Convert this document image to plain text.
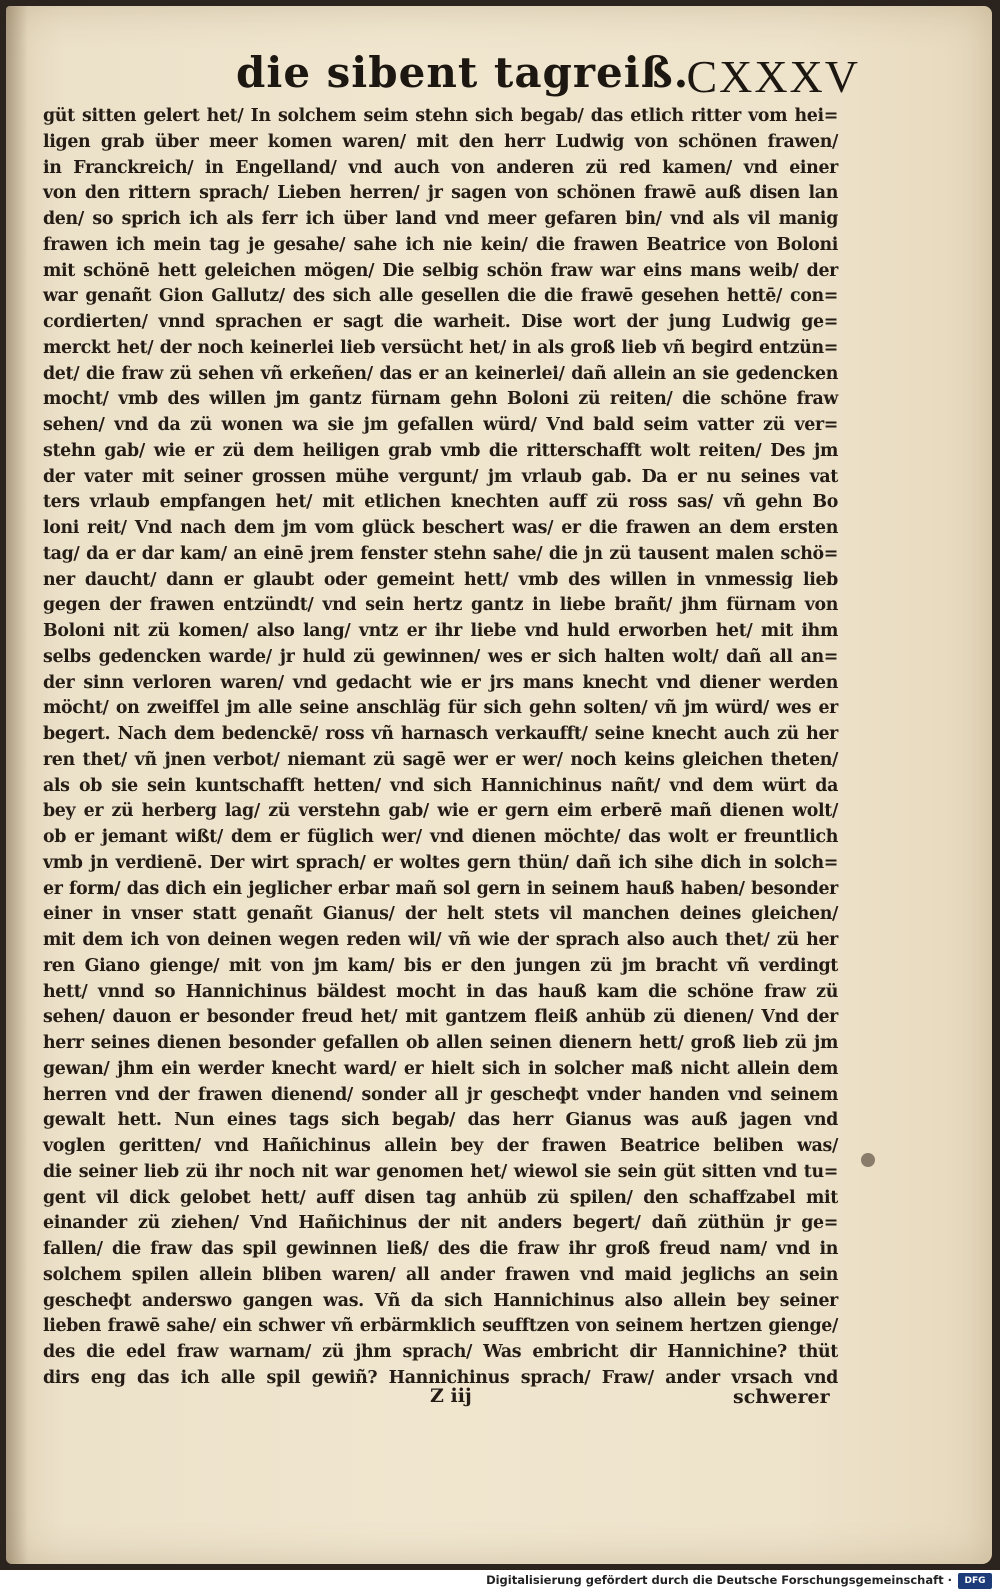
die sibent tagreiß.
CXXXV
güt sitten gelert het/ In solchem seim stehn sich begab/ das etlich ritter vom hei=
ligen grab über meer komen waren/ mit den herr Ludwig von schönen frawen/
in Franckreich/ in Engelland/ vnd auch von anderen zü red kamen/ vnd einer
von den rittern sprach/ Lieben herren/ jr sagen von schönen frawē auß disen lan
den/ so sprich ich als ferr ich über land vnd meer gefaren bin/ vnd als vil manig
frawen ich mein tag je gesahe/ sahe ich nie kein/ die frawen Beatrice von Boloni
mit schönē hett geleichen mögen/ Die selbig schön fraw war eins mans weib/ der
war genañt Gion Gallutz/ des sich alle gesellen die die frawē gesehen hettē/ con=
cordierten/ vnnd sprachen er sagt die warheit. Dise wort der jung Ludwig ge=
merckt het/ der noch keinerlei lieb versücht het/ in als groß lieb vñ begird entzün=
det/ die fraw zü sehen vñ erkeñen/ das er an keinerlei/ dañ allein an sie gedencken
mocht/ vmb des willen jm gantz fürnam gehn Boloni zü reiten/ die schöne fraw
sehen/ vnd da zü wonen wa sie jm gefallen würd/ Vnd bald seim vatter zü ver=
stehn gab/ wie er zü dem heiligen grab vmb die ritterschafft wolt reiten/ Des jm
der vater mit seiner grossen mühe vergunt/ jm vrlaub gab. Da er nu seines vat
ters vrlaub empfangen het/ mit etlichen knechten auff zü ross sas/ vñ gehn Bo
loni reit/ Vnd nach dem jm vom glück beschert was/ er die frawen an dem ersten
tag/ da er dar kam/ an einē jrem fenster stehn sahe/ die jn zü tausent malen schö=
ner daucht/ dann er glaubt oder gemeint hett/ vmb des willen in vnmessig lieb
gegen der frawen entzündt/ vnd sein hertz gantz in liebe brañt/ jhm fürnam von
Boloni nit zü komen/ also lang/ vntz er ihr liebe vnd huld erworben het/ mit ihm
selbs gedencken warde/ jr huld zü gewinnen/ wes er sich halten wolt/ dañ all an=
der sinn verloren waren/ vnd gedacht wie er jrs mans knecht vnd diener werden
möcht/ on zweiffel jm alle seine anschläg für sich gehn solten/ vñ jm würd/ wes er
begert. Nach dem bedenckē/ ross vñ harnasch verkaufft/ seine knecht auch zü her
ren thet/ vñ jnen verbot/ niemant zü sagē wer er wer/ noch keins gleichen theten/
als ob sie sein kuntschafft hetten/ vnd sich Hannichinus nañt/ vnd dem würt da
bey er zü herberg lag/ zü verstehn gab/ wie er gern eim erberē mañ dienen wolt/
ob er jemant wißt/ dem er füglich wer/ vnd dienen möchte/ das wolt er freuntlich
vmb jn verdienē. Der wirt sprach/ er woltes gern thün/ dañ ich sihe dich in solch=
er form/ das dich ein jeglicher erbar mañ sol gern in seinem hauß haben/ besonder
einer in vnser statt genañt Gianus/ der helt stets vil manchen deines gleichen/
mit dem ich von deinen wegen reden wil/ vñ wie der sprach also auch thet/ zü her
ren Giano gienge/ mit von jm kam/ bis er den jungen zü jm bracht vñ verdingt
hett/ vnnd so Hannichinus bäldest mocht in das hauß kam die schöne fraw zü
sehen/ dauon er besonder freud het/ mit gantzem fleiß anhüb zü dienen/ Vnd der
herr seines dienen besonder gefallen ob allen seinen dienern hett/ groß lieb zü jm
gewan/ jhm ein werder knecht ward/ er hielt sich in solcher maß nicht allein dem
herren vnd der frawen dienend/ sonder all jr gescheфt vnder handen vnd seinem
gewalt hett. Nun eines tags sich begab/ das herr Gianus was auß jagen vnd
voglen geritten/ vnd Hañichinus allein bey der frawen Beatrice beliben was/
die seiner lieb zü ihr noch nit war genomen het/ wiewol sie sein güt sitten vnd tu=
gent vil dick gelobet hett/ auff disen tag anhüb zü spilen/ den schaffzabel mit
einander zü ziehen/ Vnd Hañichinus der nit anders begert/ dañ züthün jr ge=
fallen/ die fraw das spil gewinnen ließ/ des die fraw ihr groß freud nam/ vnd in
solchem spilen allein bliben waren/ all ander frawen vnd maid jeglichs an sein
gescheфt anderswo gangen was. Vñ da sich Hannichinus also allein bey seiner
lieben frawē sahe/ ein schwer vñ erbärmklich seufftzen von seinem hertzen gienge/
des die edel fraw warnam/ zü jhm sprach/ Was embricht dir Hannichine? thüt
dirs eng das ich alle spil gewiñ? Hannichinus sprach/ Fraw/ ander vrsach vnd
Z iij	schwerer
Digitalisierung gefördert durch die Deutsche Forschungsgemeinschaft ·	DFG
